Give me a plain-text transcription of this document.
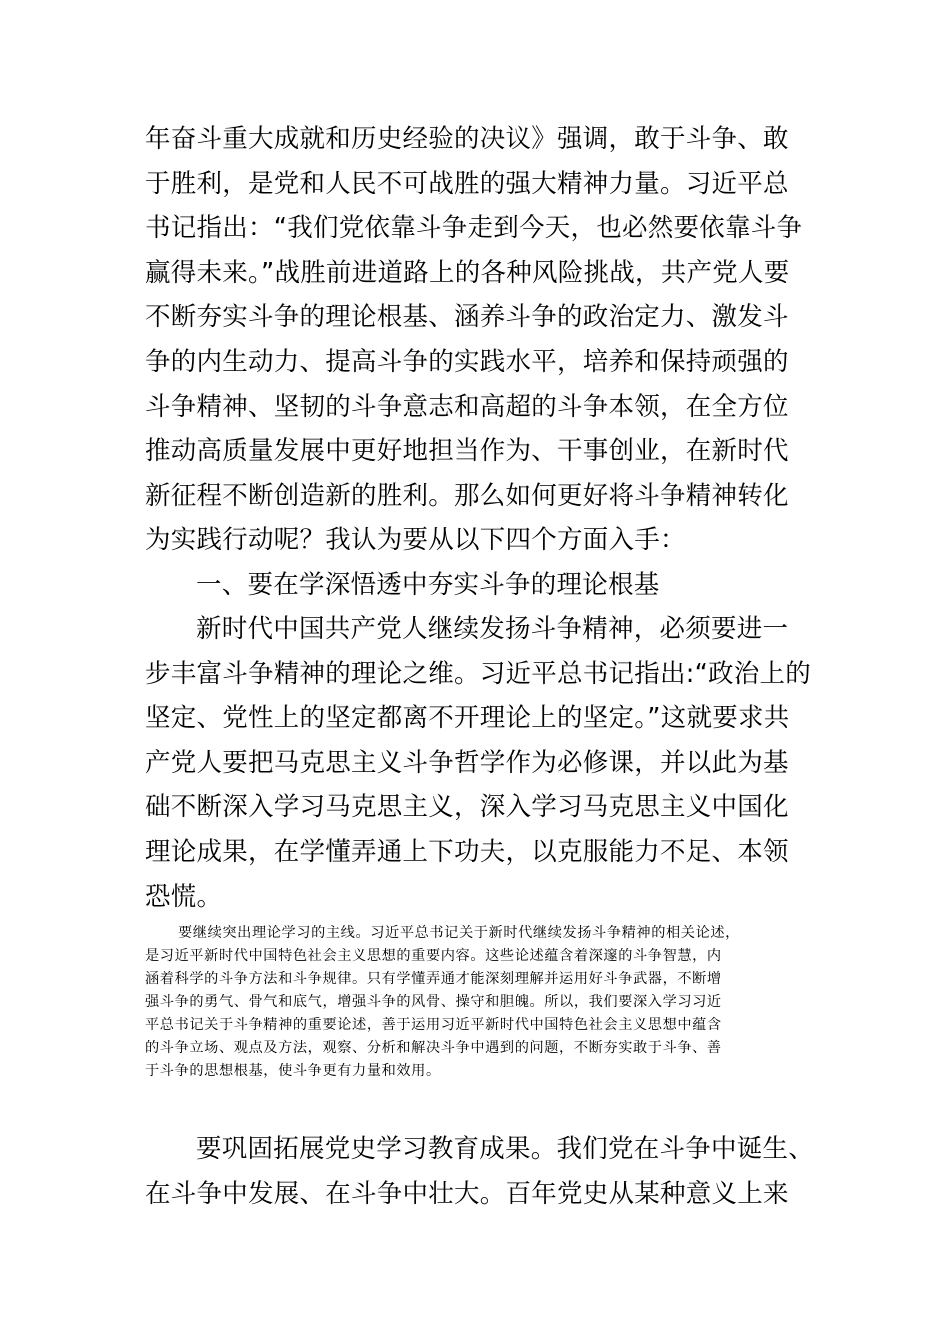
年奋斗重大成就和历史经验的决议》强调，敢于斗争、敢
于胜利，是党和人民不可战胜的强大精神力量。习近平总
书记指出：“我们党依靠斗争走到今天，也必然要依靠斗争
赢得未来。”战胜前进道路上的各种风险挑战，共产党人要
不断夯实斗争的理论根基、涵养斗争的政治定力、激发斗
争的内生动力、提高斗争的实践水平，培养和保持顽强的
斗争精神、坚韧的斗争意志和高超的斗争本领，在全方位
推动高质量发展中更好地担当作为、干事创业，在新时代
新征程不断创造新的胜利。那么如何更好将斗争精神转化
为实践行动呢？我认为要从以下四个方面入手：
一、要在学深悟透中夯实斗争的理论根基
新时代中国共产党人继续发扬斗争精神，必须要进一
步丰富斗争精神的理论之维。习近平总书记指出:“政治上的
坚定、党性上的坚定都离不开理论上的坚定。”这就要求共
产党人要把马克思主义斗争哲学作为必修课，并以此为基
础不断深入学习马克思主义，深入学习马克思主义中国化
理论成果，在学懂弄通上下功夫，以克服能力不足、本领
恐慌。
要继续突出理论学习的主线。习近平总书记关于新时代继续发扬斗争精神的相关论述，
是习近平新时代中国特色社会主义思想的重要内容。这些论述蕴含着深邃的斗争智慧，内
涵着科学的斗争方法和斗争规律。只有学懂弄通才能深刻理解并运用好斗争武器，不断增
强斗争的勇气、骨气和底气，增强斗争的风骨、操守和胆魄。所以，我们要深入学习习近
平总书记关于斗争精神的重要论述，善于运用习近平新时代中国特色社会主义思想中蕴含
的斗争立场、观点及方法，观察、分析和解决斗争中遇到的问题，不断夯实敢于斗争、善
于斗争的思想根基，使斗争更有力量和效用。
要巩固拓展党史学习教育成果。我们党在斗争中诞生、
在斗争中发展、在斗争中壮大。百年党史从某种意义上来
